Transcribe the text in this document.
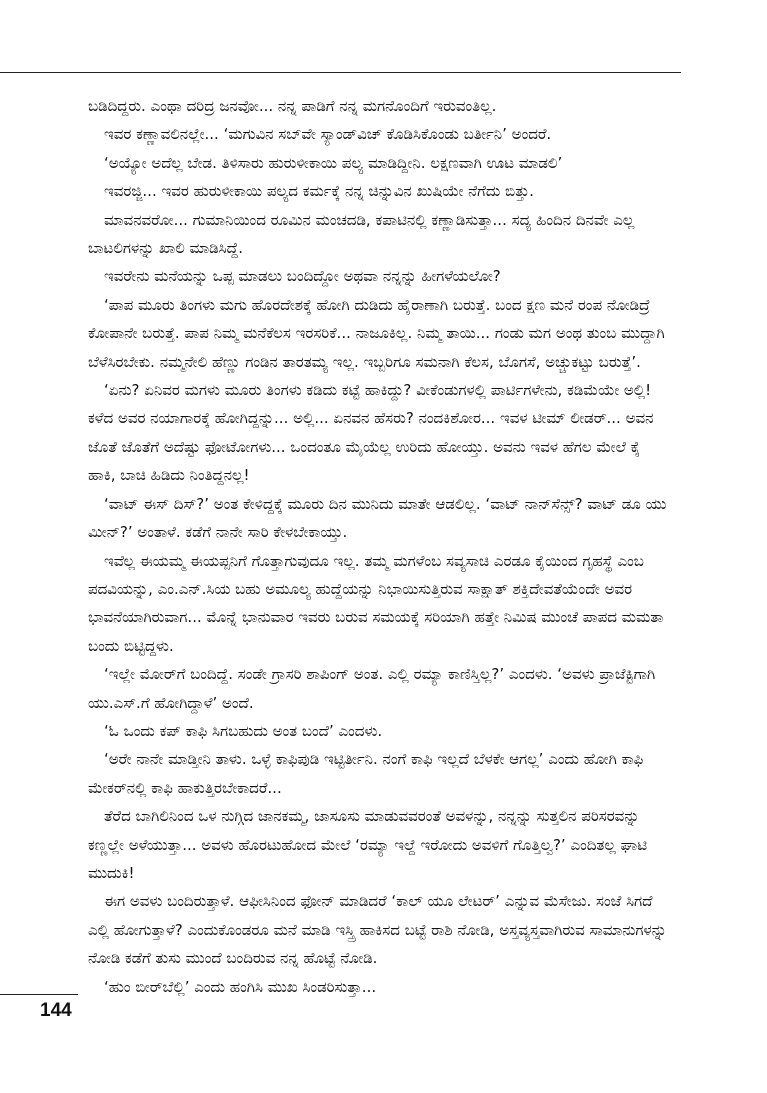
ಬಡಿದಿದ್ದರು. ಎಂಥಾ ದರಿದ್ರ ಜನವೋ... ನನ್ನ ಪಾಡಿಗೆ ನನ್ನ ಮಗನೊಂದಿಗೆ ಇರುವಂತಿಲ್ಲ.

ಇವರ ಕಣ್ಣಾವಲಿನಲ್ಲೇ... ‘ಮಗುವಿನ ಸಬ್‌ವೇ ಸ್ಯಾಂಡ್‌ವಿಚ್ ಕೊಡಿಸಿಕೊಂಡು ಬರ್ತೀನಿ’ ಅಂದರೆ.

‘ಅಯ್ಯೋ ಅದೆಲ್ಲ ಬೇಡ. ತಿಳಿಸಾರು ಹುರುಳೀಕಾಯಿ ಪಲ್ಯ ಮಾಡಿದ್ದೀನಿ. ಲಕ್ಷಣವಾಗಿ ಊಟ ಮಾಡಲಿ’

ಇವರಜ್ಜಿ... ಇವರ ಹುರುಳೀಕಾಯಿ ಪಲ್ಯದ ಕರ್ಮಕ್ಕೆ ನನ್ನ ಚಿನ್ನುವಿನ ಖುಷಿಯೇ ನೆಗೆದು ಬಿತ್ತು.

ಮಾವನವರೋ... ಗುಮಾನಿಯಿಂದ ರೂಮಿನ ಮಂಚದಡಿ, ಕಪಾಟಿನಲ್ಲಿ ಕಣ್ಣಾಡಿಸುತ್ತಾ... ಸದ್ಯ ಹಿಂದಿನ ದಿನವೇ ಎಲ್ಲ ಬಾಟಲಿಗಳನ್ನು ಖಾಲಿ ಮಾಡಿಸಿದ್ದೆ.

ಇವರೇನು ಮನೆಯನ್ನು ಒಪ್ಪ ಮಾಡಲು ಬಂದಿದ್ದೋ ಅಥವಾ ನನ್ನನ್ನು ಹೀಗಳೆಯಲೋ?

‘ಪಾಪ ಮೂರು ತಿಂಗಳು ಮಗು ಹೊರದೇಶಕ್ಕೆ ಹೋಗಿ ದುಡಿದು ಹೈರಾಣಾಗಿ ಬರುತ್ತೆ. ಬಂದ ಕ್ಷಣ ಮನೆ ರಂಪ ನೋಡಿದ್ರೆ ಕೋಪಾನೇ ಬರುತ್ತೆ. ಪಾಪ ನಿಮ್ಮ ಮನೆಕೆಲಸ ಇರಸರಿಕೆ... ನಾಜೂಕಿಲ್ಲ. ನಿಮ್ಮ ತಾಯಿ... ಗಂಡು ಮಗ ಅಂಥ ತುಂಬ ಮುದ್ದಾಗಿ ಬೆಳೆಸಿರಬೇಕು. ನಮ್ಮನೇಲಿ ಹೆಣ್ಣು ಗಂಡಿನ ತಾರತಮ್ಯ ಇಲ್ಲ. ಇಬ್ಬರಿಗೂ ಸಮನಾಗಿ ಕೆಲಸ, ಬೊಗಸೆ, ಅಚ್ಚುಕಟ್ಟು ಬರುತ್ತೆ’.

‘ಏನು? ಏನಿವರ ಮಗಳು ಮೂರು ತಿಂಗಳು ಕಡಿದು ಕಟ್ಟೆ ಹಾಕಿದ್ದು? ವೀಕೆಂಡುಗಳಲ್ಲಿ ಪಾರ್ಟಿಗಳೇನು, ಕಡಿಮೆಯೇ ಅಲ್ಲಿ! ಕಳೆದ ಅವರ ನಯಾಗಾರಕ್ಕೆ ಹೋಗಿದ್ದನ್ನು... ಅಲ್ಲಿ... ಏನವನ ಹೆಸರು? ನಂದಕಿಶೋರ... ಇವಳ ಟೀಮ್ ಲೀಡರ್... ಅವನ ಜೊತೆ ಜೊತೆಗೆ ಅದೆಷ್ಟು ಫೋಟೋಗಳು... ಒಂದಂತೂ ಮೈಯೆಲ್ಲ ಉರಿದು ಹೋಯ್ತು. ಅವನು ಇವಳ ಹೆಗಲ ಮೇಲೆ ಕೈ ಹಾಕಿ, ಬಾಚಿ ಹಿಡಿದು ನಿಂತಿದ್ದನಲ್ಲ!

‘ವಾಟ್ ಈಸ್ ದಿಸ್?’ ಅಂತ ಕೇಳಿದ್ದಕ್ಕೆ ಮೂರು ದಿನ ಮುನಿದು ಮಾತೇ ಆಡಲಿಲ್ಲ. ‘ವಾಟ್ ನಾನ್‌ಸೆನ್ಸ್? ವಾಟ್ ಡೂ ಯು ಮೀನ್?’ ಅಂತಾಳೆ. ಕಡೆಗೆ ನಾನೇ ಸಾರಿ ಕೇಳಬೇಕಾಯ್ತು.

ಇವೆಲ್ಲ ಈಯಮ್ಮ ಈಯಪ್ಪನಿಗೆ ಗೊತ್ತಾಗುವುದೂ ಇಲ್ಲ. ತಮ್ಮ ಮಗಳೆಂಬ ಸವ್ಯಸಾಚಿ ಎರಡೂ ಕೈಯಿಂದ ಗೃಹಸ್ಥೆ ಎಂಬ ಪದವಿಯನ್ನು, ಎಂ.ಎನ್.ಸಿಯ ಬಹು ಅಮೂಲ್ಯ ಹುದ್ದೆಯನ್ನು ನಿಭಾಯಿಸುತ್ತಿರುವ ಸಾಕ್ಷಾತ್ ಶಕ್ತಿದೇವತೆಯೆಂದೇ ಅವರ ಭಾವನೆಯಾಗಿರುವಾಗ... ಮೊನ್ನೆ ಭಾನುವಾರ ಇವರು ಬರುವ ಸಮಯಕ್ಕೆ ಸರಿಯಾಗಿ ಹತ್ತೇ ನಿಮಿಷ ಮುಂಚೆ ಪಾಪದ ಮಮತಾ ಬಂದು ಬಿಟ್ಟಿದ್ದಳು.

‘ಇಲ್ಲೇ ಮೋರ್‌ಗೆ ಬಂದಿದ್ದೆ. ಸಂಡೇ ಗ್ರಾಸರಿ ಶಾಪಿಂಗ್ ಅಂತ. ಎಲ್ಲಿ ರಮ್ಯಾ ಕಾಣಿಸ್ತಿಲ್ಲ?’ ಎಂದಳು. ‘ಅವಳು ಪ್ರಾಜೆಕ್ಟಿಗಾಗಿ ಯು.ಎಸ್.ಗೆ ಹೋಗಿದ್ದಾಳೆ’ ಅಂದೆ.

‘ಓ ಒಂದು ಕಪ್ ಕಾಫಿ ಸಿಗಬಹುದು ಅಂತ ಬಂದೆ’ ಎಂದಳು.

‘ಅರೇ ನಾನೇ ಮಾಡ್ತೀನಿ ತಾಳು. ಒಳ್ಳೆ ಕಾಫಿಪುಡಿ ಇಟ್ಟಿರ್ತೀನಿ. ನಂಗೆ ಕಾಫಿ ಇಲ್ಲದೆ ಬೆಳಕೇ ಆಗಲ್ಲ’ ಎಂದು ಹೋಗಿ ಕಾಫಿ ಮೇಕರ್‌ನಲ್ಲಿ ಕಾಫಿ ಹಾಕುತ್ತಿರಬೇಕಾದರೆ...

ತೆರೆದ ಬಾಗಿಲಿನಿಂದ ಒಳ ನುಗ್ಗಿದ ಜಾನಕಮ್ಮ, ಜಾಸೂಸು ಮಾಡುವವರಂತೆ ಅವಳನ್ನು, ನನ್ನನ್ನು ಸುತ್ತಲಿನ ಪರಿಸರವನ್ನು ಕಣ್ಣಲ್ಲೇ ಅಳೆಯುತ್ತಾ... ಅವಳು ಹೊರಟುಹೋದ ಮೇಲೆ ‘ರಮ್ಯಾ ಇಲ್ದೆ ಇರೋದು ಅವಳಿಗೆ ಗೊತ್ತಿಲ್ವ?’ ಎಂದಿತಲ್ಲ ಘಾಟಿ ಮುದುಕಿ!

ಈಗ ಅವಳು ಬಂದಿರುತ್ತಾಳೆ. ಆಫೀಸಿನಿಂದ ಫೋನ್ ಮಾಡಿದರೆ ‘ಕಾಲ್ ಯೂ ಲೇಟರ್’ ಎನ್ನುವ ಮೆಸೇಜು. ಸಂಜೆ ಸಿಗದೆ ಎಲ್ಲಿ ಹೋಗುತ್ತಾಳೆ? ಎಂದುಕೊಂಡರೂ ಮನೆ ಮಾಡಿ ಇಸ್ತ್ರಿ ಹಾಕಿಸದ ಬಟ್ಟೆ ರಾಶಿ ನೋಡಿ, ಅಸ್ತವ್ಯಸ್ತವಾಗಿರುವ ಸಾಮಾನುಗಳನ್ನು ನೋಡಿ ಕಡೆಗೆ ತುಸು ಮುಂದೆ ಬಂದಿರುವ ನನ್ನ ಹೊಟ್ಟೆ ನೋಡಿ.

‘ಹುಂ ಬೀರ್‌ಬೆಲ್ಲಿ’ ಎಂದು ಹಂಗಿಸಿ ಮುಖ ಸಿಂಡರಿಸುತ್ತಾ...

144
